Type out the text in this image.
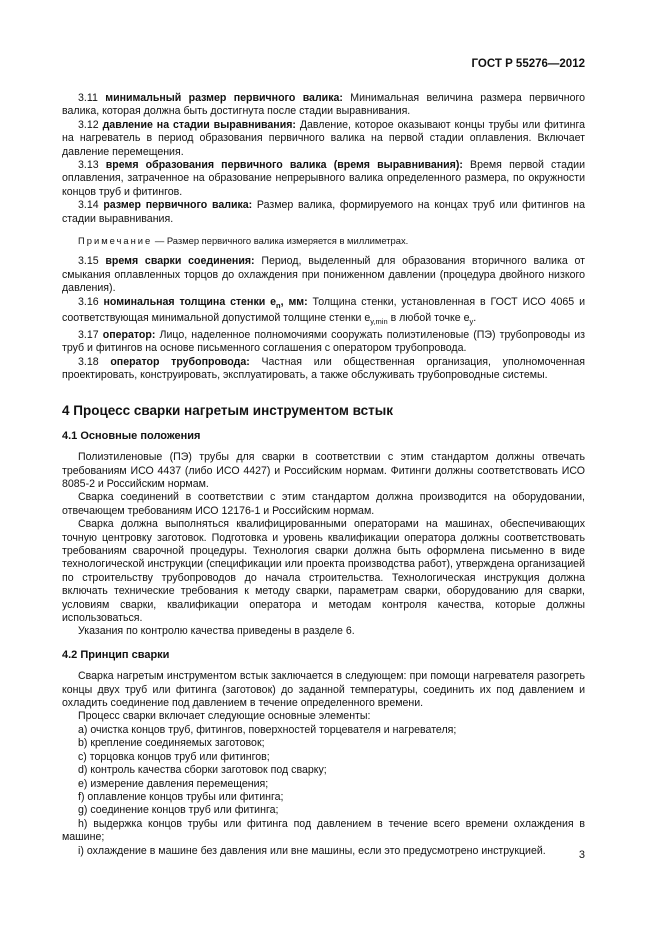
ГОСТ Р 55276—2012

3.11 минимальный размер первичного валика: Минимальная величина размера первичного валика, которая должна быть достигнута после стадии выравнивания.

3.12 давление на стадии выравнивания: Давление, которое оказывают концы трубы или фитинга на нагреватель в период образования первичного валика на первой стадии оплавления. Включает давление перемещения.

3.13 время образования первичного валика (время выравнивания): Время первой стадии оплавления, затраченное на образование непрерывного валика определенного размера, по окружности концов труб и фитингов.

3.14 размер первичного валика: Размер валика, формируемого на концах труб или фитингов на стадии выравнивания.

Примечание — Размер первичного валика измеряется в миллиметрах.

3.15 время сварки соединения: Период, выделенный для образования вторичного валика от смыкания оплавленных торцов до охлаждения при пониженном давлении (процедура двойного низкого давления).

3.16 номинальная толщина стенки $e_n$, мм: Толщина стенки, установленная в ГОСТ ИСО 4065 и соответствующая минимальной допустимой толщине стенки $e_{y,min}$ в любой точке $e_y$.

3.17 оператор: Лицо, наделенное полномочиями сооружать полиэтиленовые (ПЭ) трубопроводы из труб и фитингов на основе письменного соглашения с оператором трубопровода.

3.18 оператор трубопровода: Частная или общественная организация, уполномоченная проектировать, конструировать, эксплуатировать, а также обслуживать трубопроводные системы.

4 Процесс сварки нагретым инструментом встык
4.1 Основные положения

Полиэтиленовые (ПЭ) трубы для сварки в соответствии с этим стандартом должны отвечать требованиям ИСО 4437 (либо ИСО 4427) и Российским нормам. Фитинги должны соответствовать ИСО 8085-2 и Российским нормам.

Сварка соединений в соответствии с этим стандартом должна производится на оборудовании, отвечающем требованиям ИСО 12176-1 и Российским нормам.

Сварка должна выполняться квалифицированными операторами на машинах, обеспечивающих точную центровку заготовок. Подготовка и уровень квалификации оператора должны соответствовать требованиям сварочной процедуры. Технология сварки должна быть оформлена письменно в виде технологической инструкции (спецификации или проекта производства работ), утверждена организацией по строительству трубопроводов до начала строительства. Технологическая инструкция должна включать технические требования к методу сварки, параметрам сварки, оборудованию для сварки, условиям сварки, квалификации оператора и методам контроля качества, которые должны использоваться.

Указания по контролю качества приведены в разделе 6.

4.2 Принцип сварки

Сварка нагретым инструментом встык заключается в следующем: при помощи нагревателя разогреть концы двух труб или фитинга (заготовок) до заданной температуры, соединить их под давлением и охладить соединение под давлением в течение определенного времени.

Процесс сварки включает следующие основные элементы:

a) очистка концов труб, фитингов, поверхностей торцевателя и нагревателя;

b) крепление соединяемых заготовок;

c) торцовка концов труб или фитингов;

d) контроль качества сборки заготовок под сварку;

e) измерение давления перемещения;

f) оплавление концов трубы или фитинга;

g) соединение концов труб или фитинга;

h) выдержка концов трубы или фитинга под давлением в течение всего времени охлаждения в машине;

i) охлаждение в машине без давления или вне машины, если это предусмотрено инструкцией.	3
